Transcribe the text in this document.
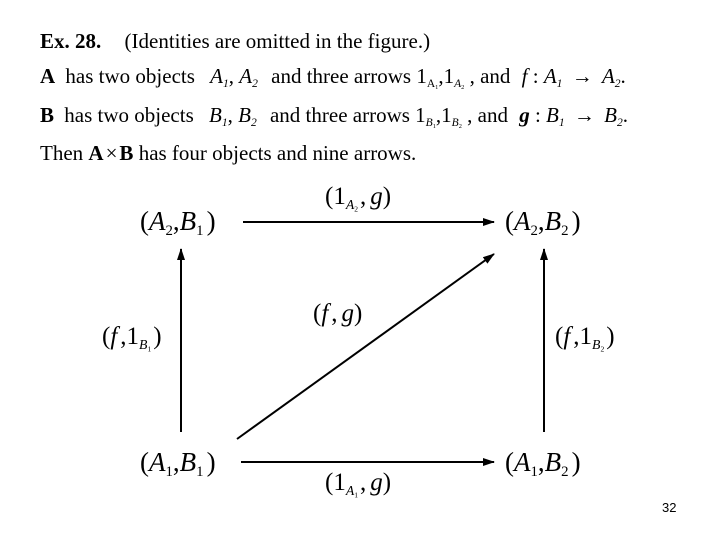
Ex. 28. (Identities are omitted in the figure.)
A has two objects $A_1$, $A_2$ and three arrows $1_{A_1},1_{A_2}$ , and f : $A_1 \to A_2$.
B has two objects $B_1$, $B_2$ and three arrows $1_{B_1},1_{B_2}$ , and g : $B_1 \to B_2$.
Then A×B has four objects and nine arrows.
($A_2,B_1$ )	($A_2,B_2$ )
($A_1,B_1$ )	($A_1,B_2$ )
($1_{A_2}$, g)
($1_{A_1}$, g)
(f $,1_{B_1}$)	(f $,1_{B_2}$)
(f , g)
32
